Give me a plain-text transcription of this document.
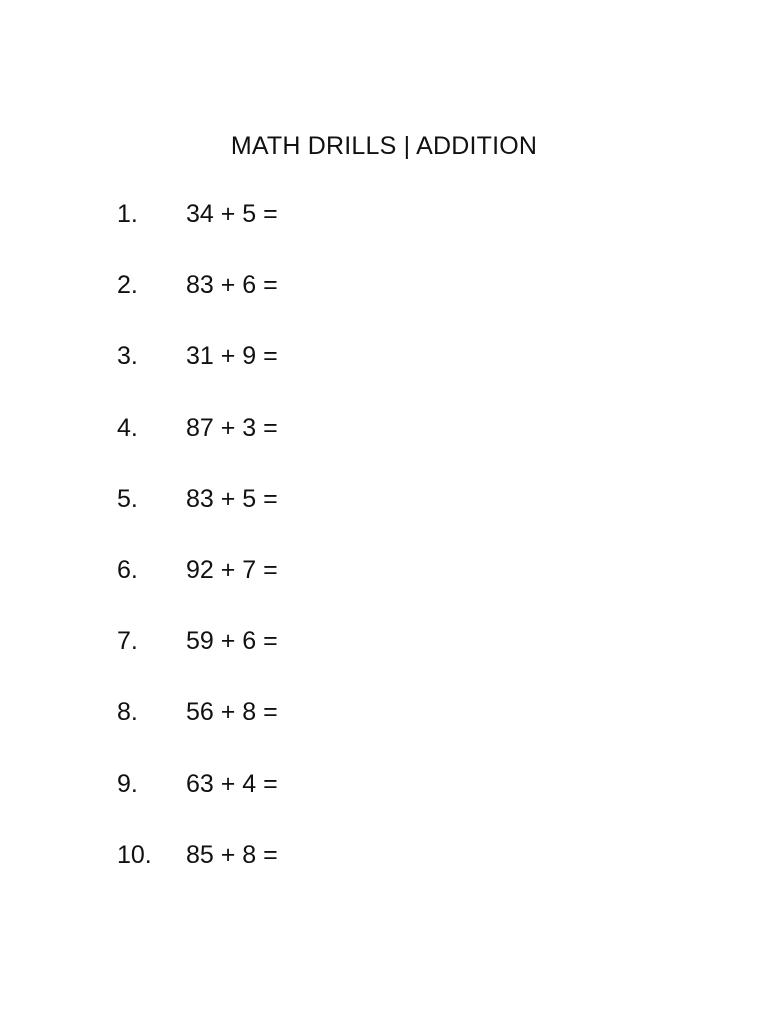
MATH DRILLS | ADDITION
1.	34 + 5 =
2.	83 + 6 =
3.	31 + 9 =
4.	87 + 3 =
5.	83 + 5 =
6.	92 + 7 =
7.	59 + 6 =
8.	56 + 8 =
9.	63 + 4 =
10.	85 + 8 =
